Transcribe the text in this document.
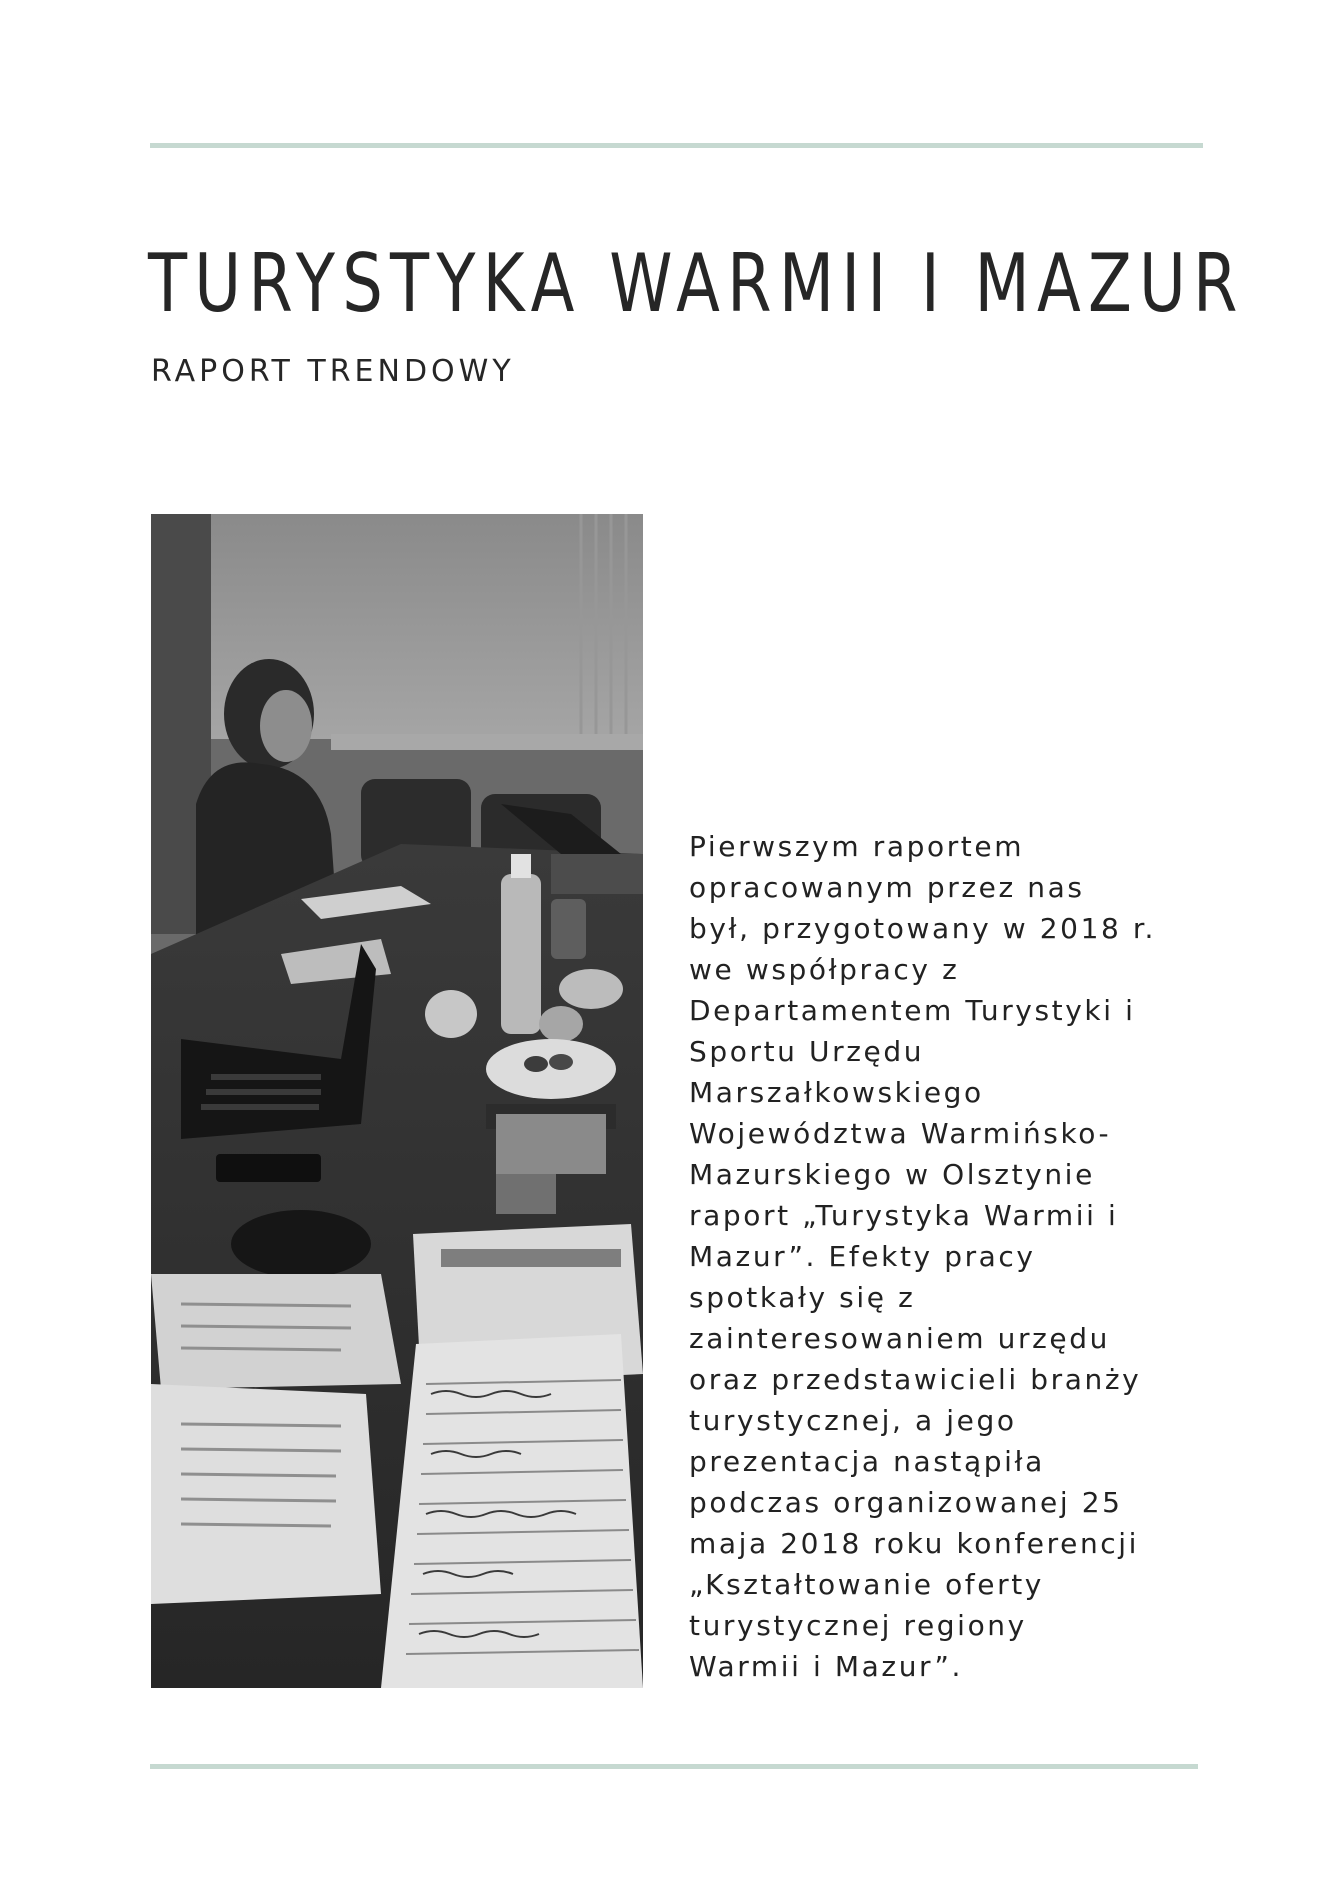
TURYSTYKA WARMII I MAZUR
RAPORT TRENDOWY

Pierwszym raportem
opracowanym przez nas
był, przygotowany w 2018 r.
we współpracy z
Departamentem Turystyki i
Sportu Urzędu
Marszałkowskiego
Województwa Warmińsko-
Mazurskiego w Olsztynie
raport „Turystyka Warmii i
Mazur”. Efekty pracy
spotkały się z
zainteresowaniem urzędu
oraz przedstawicieli branży
turystycznej, a jego
prezentacja nastąpiła
podczas organizowanej 25
maja 2018 roku konferencji
„Kształtowanie oferty
turystycznej regiony
Warmii i Mazur”.
